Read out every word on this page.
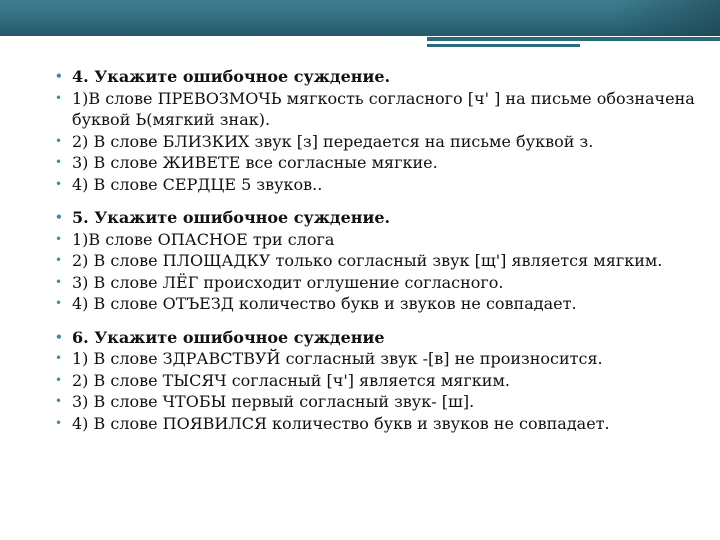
• 4. Укажите ошибочное суждение.
• 1)В слове ПРЕВОЗМОЧЬ мягкость согласного [ч' ] на письме обозначена буквой Ь(мягкий знак).
• 2) В слове БЛИЗКИХ звук [з] передается на письме буквой з.
• 3) В слове ЖИВЕТЕ все согласные мягкие.
• 4) В слове СЕРДЦЕ 5 звуков..
• 5. Укажите ошибочное суждение.
• 1)В слове ОПАСНОЕ три слога
• 2) В слове ПЛОЩАДКУ только согласный звук [щ'] является мягким.
• 3) В слове ЛЁГ происходит оглушение согласного.
• 4) В слове ОТЪЕЗД количество букв и звуков не совпадает.
• 6. Укажите ошибочное суждение
• 1) В слове ЗДРАВСТВУЙ согласный звук -[в] не произносится.
• 2) В слове ТЫСЯЧ согласный [ч'] является мягким.
• 3) В слове ЧТОБЫ первый согласный звук- [ш].
• 4) В слове ПОЯВИЛСЯ количество букв и звуков не совпадает.
